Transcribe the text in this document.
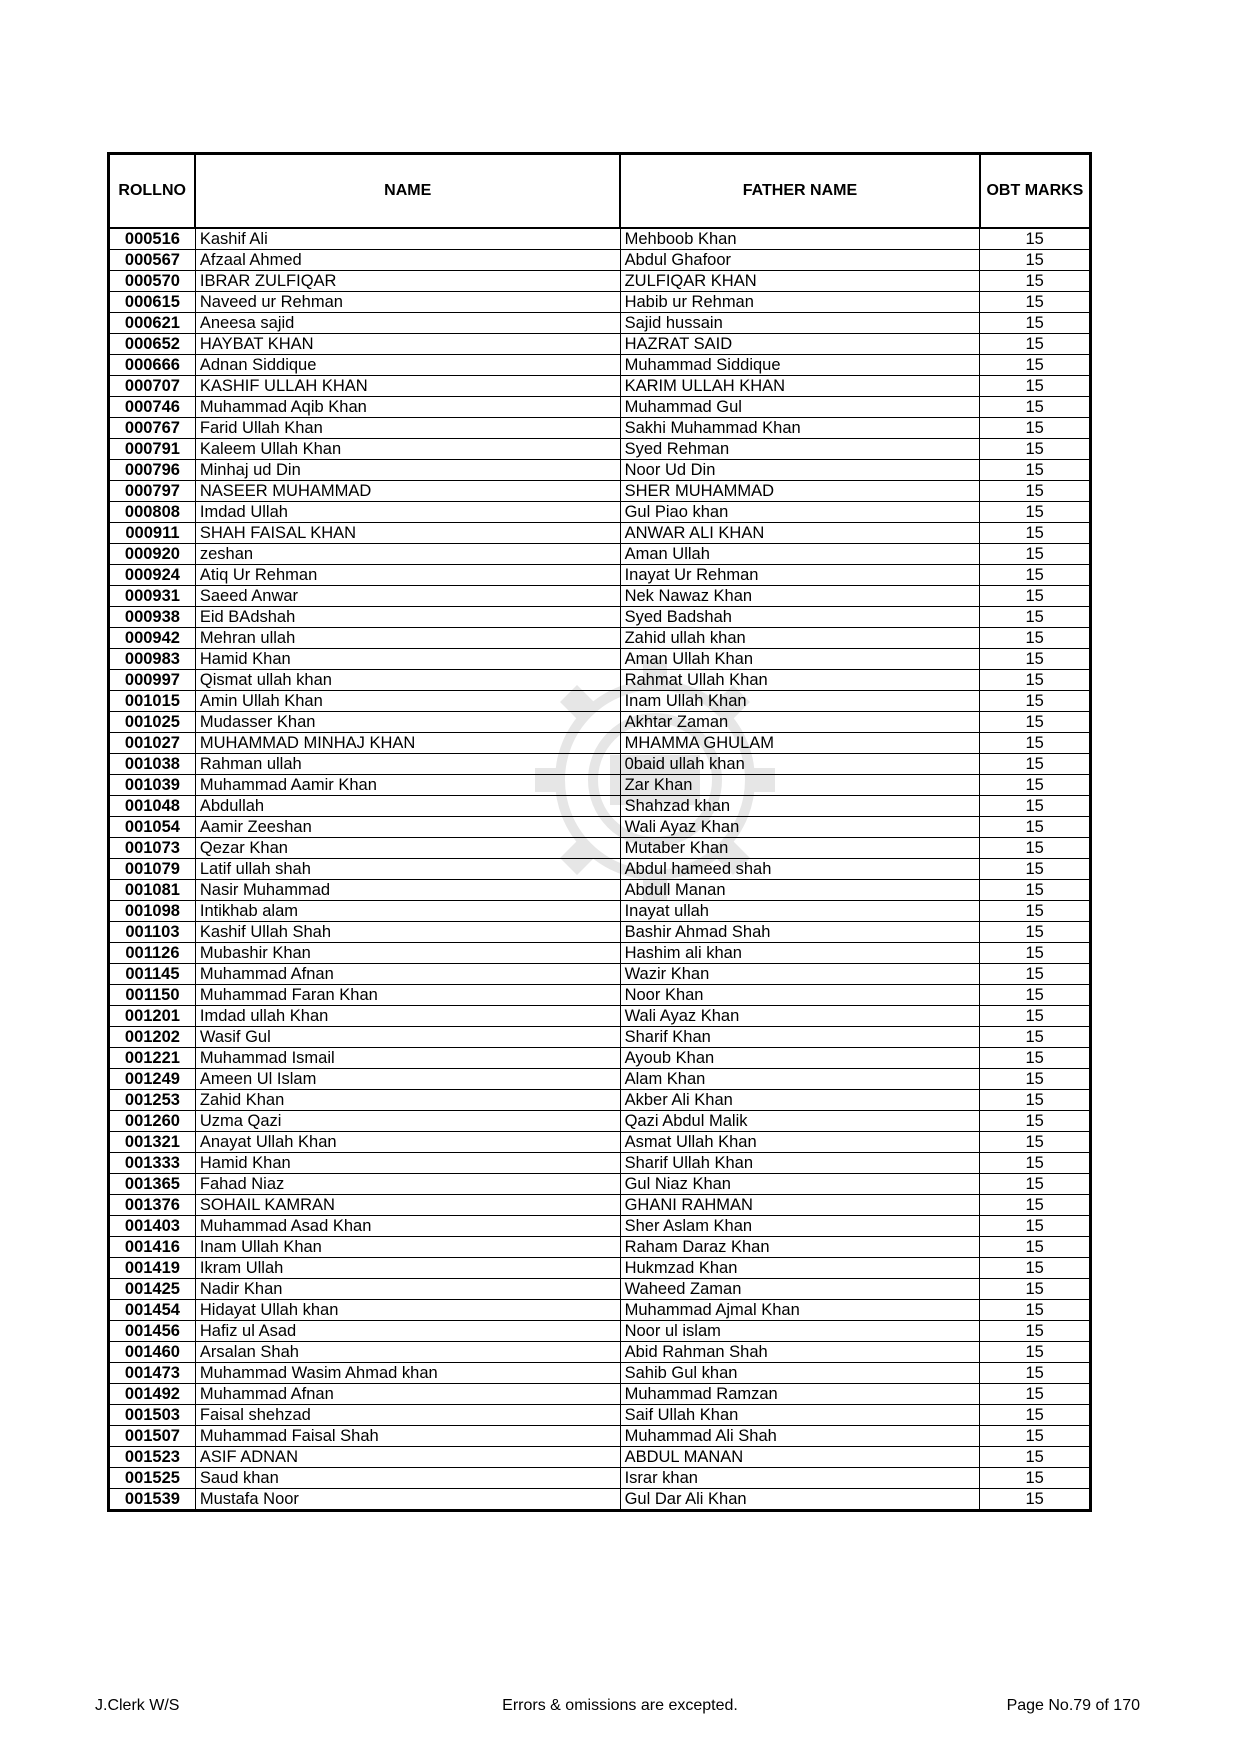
ROLLNO	NAME	FATHER NAME	OBT MARKS
000516	Kashif Ali	Mehboob Khan	15
000567	Afzaal Ahmed	Abdul Ghafoor	15
000570	IBRAR ZULFIQAR	ZULFIQAR KHAN	15
000615	Naveed ur Rehman	Habib ur Rehman	15
000621	Aneesa sajid	Sajid hussain	15
000652	HAYBAT KHAN	HAZRAT SAID	15
000666	Adnan Siddique	Muhammad Siddique	15
000707	KASHIF ULLAH KHAN	KARIM ULLAH KHAN	15
000746	Muhammad Aqib Khan	Muhammad Gul	15
000767	Farid Ullah Khan	Sakhi Muhammad Khan	15
000791	Kaleem Ullah Khan	Syed Rehman	15
000796	Minhaj ud Din	Noor Ud Din	15
000797	NASEER MUHAMMAD	SHER MUHAMMAD	15
000808	Imdad Ullah	Gul Piao khan	15
000911	SHAH FAISAL KHAN	ANWAR ALI KHAN	15
000920	zeshan	Aman Ullah	15
000924	Atiq Ur Rehman	Inayat Ur Rehman	15
000931	Saeed Anwar	Nek Nawaz Khan	15
000938	Eid BAdshah	Syed Badshah	15
000942	Mehran ullah	Zahid ullah khan	15
000983	Hamid Khan	Aman Ullah Khan	15
000997	Qismat ullah khan	Rahmat Ullah Khan	15
001015	Amin Ullah Khan	Inam Ullah Khan	15
001025	Mudasser Khan	Akhtar Zaman	15
001027	MUHAMMAD MINHAJ KHAN	MHAMMA GHULAM	15
001038	Rahman ullah	0baid ullah khan	15
001039	Muhammad Aamir Khan	Zar Khan	15
001048	Abdullah	Shahzad khan	15
001054	Aamir Zeeshan	Wali Ayaz Khan	15
001073	Qezar Khan	Mutaber Khan	15
001079	Latif ullah shah	Abdul hameed shah	15
001081	Nasir Muhammad	Abdull Manan	15
001098	Intikhab alam	Inayat ullah	15
001103	Kashif Ullah Shah	Bashir Ahmad Shah	15
001126	Mubashir Khan	Hashim ali khan	15
001145	Muhammad Afnan	Wazir Khan	15
001150	Muhammad Faran Khan	Noor Khan	15
001201	Imdad ullah Khan	Wali Ayaz Khan	15
001202	Wasif Gul	Sharif Khan	15
001221	Muhammad Ismail	Ayoub Khan	15
001249	Ameen Ul Islam	Alam Khan	15
001253	Zahid Khan	Akber Ali Khan	15
001260	Uzma Qazi	Qazi Abdul Malik	15
001321	Anayat Ullah Khan	Asmat Ullah Khan	15
001333	Hamid Khan	Sharif Ullah Khan	15
001365	Fahad Niaz	Gul Niaz Khan	15
001376	SOHAIL KAMRAN	GHANI RAHMAN	15
001403	Muhammad Asad Khan	Sher Aslam Khan	15
001416	Inam Ullah Khan	Raham Daraz Khan	15
001419	Ikram Ullah	Hukmzad Khan	15
001425	Nadir Khan	Waheed Zaman	15
001454	Hidayat Ullah khan	Muhammad Ajmal Khan	15
001456	Hafiz ul Asad	Noor ul islam	15
001460	Arsalan Shah	Abid Rahman Shah	15
001473	Muhammad Wasim Ahmad khan	Sahib Gul khan	15
001492	Muhammad Afnan	Muhammad Ramzan	15
001503	Faisal shehzad	Saif Ullah Khan	15
001507	Muhammad Faisal Shah	Muhammad Ali Shah	15
001523	ASIF ADNAN	ABDUL MANAN	15
001525	Saud khan	Israr khan	15
001539	Mustafa Noor	Gul Dar Ali Khan	15
J.Clerk W/S	Errors & omissions are excepted.	Page No.79 of 170
